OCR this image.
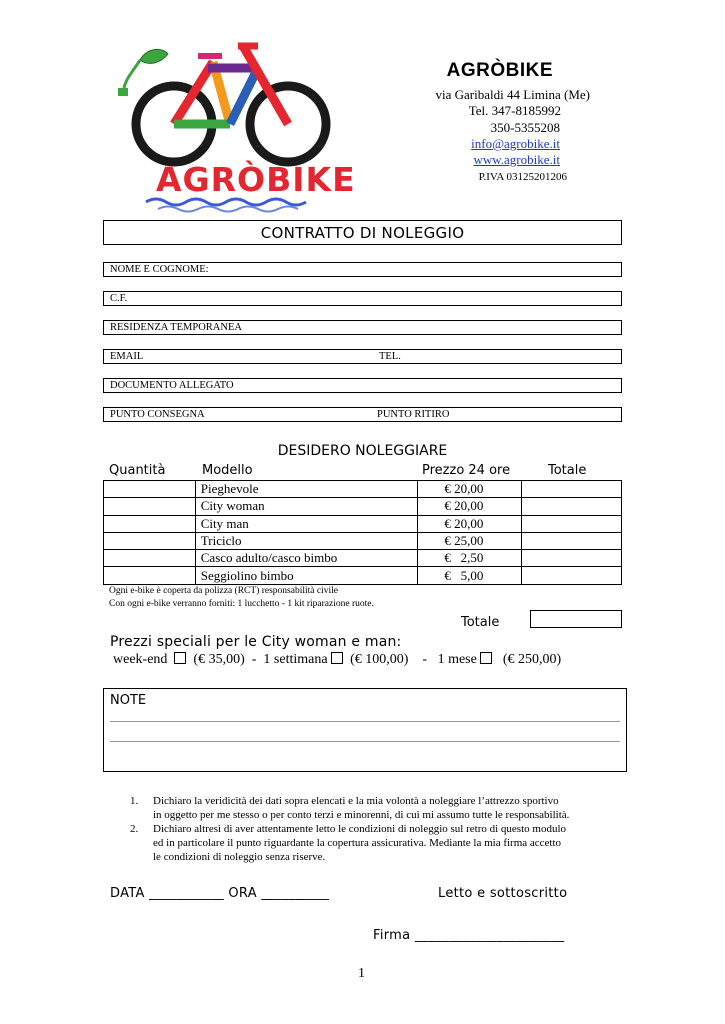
AGRÒBIKE
AGRÒBIKE
via Garibaldi 44 Limina (Me)
Tel. 347-8185992
350-5355208
info@agrobike.it
www.agrobike.it
P.IVA 03125201206
CONTRATTO DI NOLEGGIO
NOME E COGNOME:
C.F.
RESIDENZA TEMPORANEA
EMAIL	TEL.
DOCUMENTO ALLEGATO
PUNTO CONSEGNA	PUNTO RITIRO
DESIDERO NOLEGGIARE
Quantità	Modello	Prezzo 24 ore	Totale
	Pieghevole	€ 20,00	
	City woman	€ 20,00	
	City man	€ 20,00	
	Triciclo	€ 25,00	
	Casco adulto/casco bimbo	€   2,50	
	Seggiolino bimbo	€   5,00	
Ogni e-bike è coperta da polizza (RCT) responsabilità civile
Con ogni e-bike verranno forniti: 1 lucchetto - 1 kit riparazione ruote.
Totale
Prezzi speciali per le City woman e man:
week-end (€ 35,00) - 1 settimana (€ 100,00) - 1 mese (€ 250,00)
NOTE
1. Dichiaro la veridicità dei dati sopra elencati e la mia volontà a noleggiare l’attrezzo sportivo
in oggetto per me stesso o per conto terzi e minorenni, di cui mi assumo tutte le responsabilità.
2. Dichiaro altresì di aver attentamente letto le condizioni di noleggio sul retro di questo modulo
ed in particolare il punto riguardante la copertura assicurativa. Mediante la mia firma accetto
le condizioni di noleggio senza riserve.
DATA ___________ ORA __________	Letto e sottoscritto
Firma ______________________
1
